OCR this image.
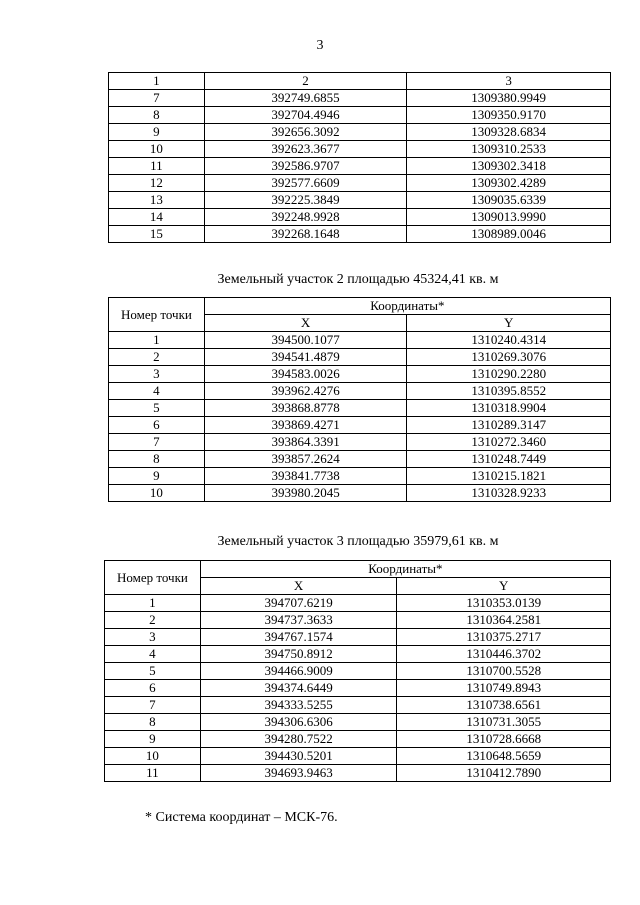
3
1	2	3
7	392749.6855	1309380.9949
8	392704.4946	1309350.9170
9	392656.3092	1309328.6834
10	392623.3677	1309310.2533
11	392586.9707	1309302.3418
12	392577.6609	1309302.4289
13	392225.3849	1309035.6339
14	392248.9928	1309013.9990
15	392268.1648	1308989.0046
Земельный участок 2 площадью 45324,41 кв. м
Номер точки	Координаты*	
	X	Y
1	394500.1077	1310240.4314
2	394541.4879	1310269.3076
3	394583.0026	1310290.2280
4	393962.4276	1310395.8552
5	393868.8778	1310318.9904
6	393869.4271	1310289.3147
7	393864.3391	1310272.3460
8	393857.2624	1310248.7449
9	393841.7738	1310215.1821
10	393980.2045	1310328.9233
Земельный участок 3 площадью 35979,61 кв. м
Номер точки	Координаты*	
	X	Y
1	394707.6219	1310353.0139
2	394737.3633	1310364.2581
3	394767.1574	1310375.2717
4	394750.8912	1310446.3702
5	394466.9009	1310700.5528
6	394374.6449	1310749.8943
7	394333.5255	1310738.6561
8	394306.6306	1310731.3055
9	394280.7522	1310728.6668
10	394430.5201	1310648.5659
11	394693.9463	1310412.7890
* Система координат – МСК-76.
